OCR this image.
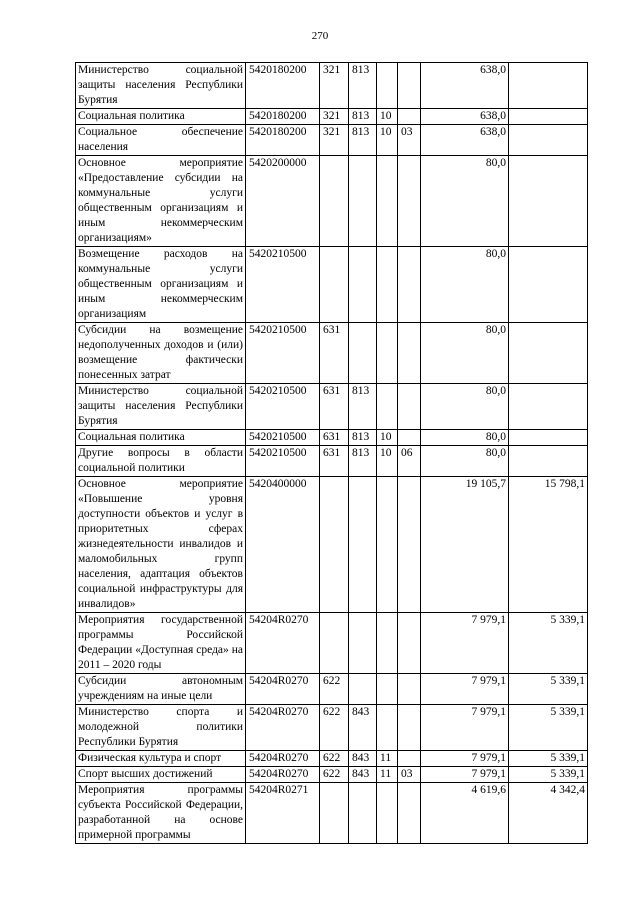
270
Министерство социальной защиты населения Республики Бурятия	5420180200	321	813			638,0	
Социальная политика	5420180200	321	813	10		638,0	
Социальное обеспечение населения	5420180200	321	813	10	03	638,0	
Основное мероприятие «Предоставление субсидии на коммунальные услуги общественным организациям и иным некоммерческим организациям»	5420200000					80,0	
Возмещение расходов на коммунальные услуги общественным организациям и иным некоммерческим организациям	5420210500					80,0	
Субсидии на возмещение недополученных доходов и (или) возмещение фактически понесенных затрат	5420210500	631				80,0	
Министерство социальной защиты населения Республики Бурятия	5420210500	631	813			80,0	
Социальная политика	5420210500	631	813	10		80,0	
Другие вопросы в области социальной политики	5420210500	631	813	10	06	80,0	
Основное мероприятие «Повышение уровня доступности объектов и услуг в приоритетных сферах жизнедеятельности инвалидов и маломобильных групп населения, адаптация объектов социальной инфраструктуры для инвалидов»	5420400000					19 105,7	15 798,1
Мероприятия государственной программы Российской Федерации «Доступная среда» на 2011 – 2020 годы	54204R0270					7 979,1	5 339,1
Субсидии автономным учреждениям на иные цели	54204R0270	622				7 979,1	5 339,1
Министерство спорта и молодежной политики Республики Бурятия	54204R0270	622	843			7 979,1	5 339,1
Физическая культура и спорт	54204R0270	622	843	11		7 979,1	5 339,1
Спорт высших достижений	54204R0270	622	843	11	03	7 979,1	5 339,1
Мероприятия программы субъекта Российской Федерации, разработанной на основе примерной программы	54204R0271					4 619,6	4 342,4
